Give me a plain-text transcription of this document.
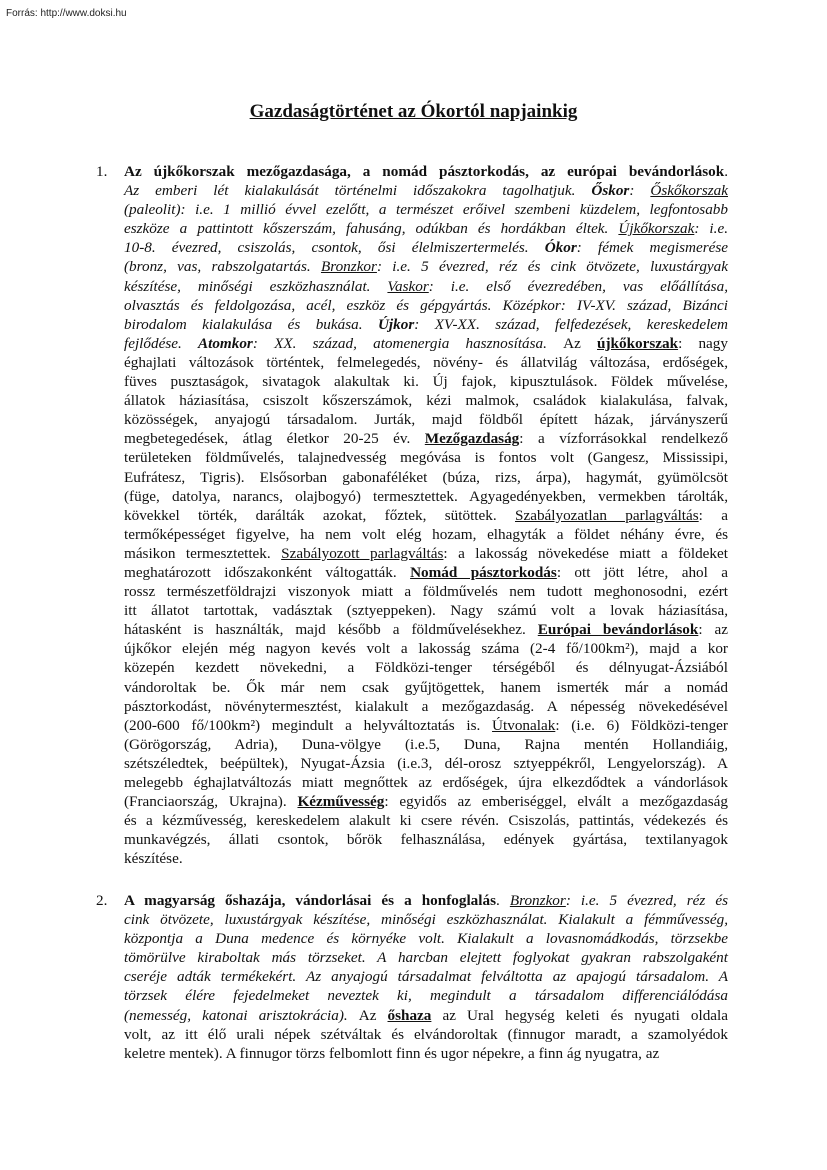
Forrás: http://www.doksi.hu
Gazdaságtörténet az Ókortól napjainkig
1. Az újkőkorszak mezőgazdasága, a nomád pásztorkodás, az európai bevándorlások.
Az emberi lét kialakulását történelmi időszakokra tagolhatjuk. Őskor: Őskőkorszak
(paleolit): i.e. 1 millió évvel ezelőtt, a természet erőivel szembeni küzdelem, legfontosabb
eszköze a pattintott kőszerszám, fahusáng, odúkban és hordákban éltek. Újkőkorszak: i.e.
10-8. évezred, csiszolás, csontok, ősi élelmiszertermelés. Ókor: fémek megismerése
(bronz, vas, rabszolgatartás. Bronzkor: i.e. 5 évezred, réz és cink ötvözete, luxustárgyak
készítése, minőségi eszközhasználat. Vaskor: i.e. első évezredében, vas előállítása,
olvasztás és feldolgozása, acél, eszköz és gépgyártás. Középkor: IV-XV. század, Bizánci
birodalom kialakulása és bukása. Újkor: XV-XX. század, felfedezések, kereskedelem
fejlődése. Atomkor: XX. század, atomenergia hasznosítása. Az újkőkorszak: nagy
éghajlati változások történtek, felmelegedés, növény- és állatvilág változása, erdőségek,
füves pusztaságok, sivatagok alakultak ki. Új fajok, kipusztulások. Földek művelése,
állatok háziasítása, csiszolt kőszerszámok, kézi malmok, családok kialakulása, falvak,
közösségek, anyajogú társadalom. Jurták, majd földből épített házak, járványszerű
megbetegedések, átlag életkor 20-25 év. Mezőgazdaság: a vízforrásokkal rendelkező
területeken földművelés, talajnedvesség megóvása is fontos volt (Gangesz, Mississipi,
Eufrátesz, Tigris). Elsősorban gabonaféléket (búza, rizs, árpa), hagymát, gyümölcsöt
(füge, datolya, narancs, olajbogyó) termesztettek. Agyagedényekben, vermekben tárolták,
kövekkel törték, darálták azokat, főztek, sütöttek. Szabályozatlan parlagváltás: a
termőképességet figyelve, ha nem volt elég hozam, elhagyták a földet néhány évre, és
másikon termesztettek. Szabályozott parlagváltás: a lakosság növekedése miatt a földeket
meghatározott időszakonként váltogatták. Nomád pásztorkodás: ott jött létre, ahol a
rossz természetföldrajzi viszonyok miatt a földművelés nem tudott meghonosodni, ezért
itt állatot tartottak, vadásztak (sztyeppeken). Nagy számú volt a lovak háziasítása,
hátasként is használták, majd később a földművelésekhez. Európai bevándorlások: az
újkőkor elején még nagyon kevés volt a lakosság száma (2-4 fő/100km²), majd a kor
közepén kezdett növekedni, a Földközi-tenger térségéből és délnyugat-Ázsiából
vándoroltak be. Ők már nem csak gyűjtögettek, hanem ismerték már a nomád
pásztorkodást, növénytermesztést, kialakult a mezőgazdaság. A népesség növekedésével
(200-600 fő/100km²) megindult a helyváltoztatás is. Útvonalak: (i.e. 6) Földközi-tenger
(Görögország, Adria), Duna-völgye (i.e.5, Duna, Rajna mentén Hollandiáig,
szétszéledtek, beépültek), Nyugat-Ázsia (i.e.3, dél-orosz sztyeppékről, Lengyelország). A
melegebb éghajlatváltozás miatt megnőttek az erdőségek, újra elkezdődtek a vándorlások
(Franciaország, Ukrajna). Kézművesség: egyidős az emberiséggel, elvált a mezőgazdaság
és a kézművesség, kereskedelem alakult ki csere révén. Csiszolás, pattintás, védekezés és
munkavégzés, állati csontok, bőrök felhasználása, edények gyártása, textilanyagok
készítése.
2. A magyarság őshazája, vándorlásai és a honfoglalás. Bronzkor: i.e. 5 évezred, réz és
cink ötvözete, luxustárgyak készítése, minőségi eszközhasználat. Kialakult a fémművesség,
központja a Duna medence és környéke volt. Kialakult a lovasnomádkodás, törzsekbe
tömörülve kiraboltak más törzseket. A harcban elejtett foglyokat gyakran rabszolgaként
cseréje adták termékekért. Az anyajogú társadalmat felváltotta az apajogú társadalom. A
törzsek élére fejedelmeket neveztek ki, megindult a társadalom differenciálódása
(nemesség, katonai arisztokrácia). Az őshaza az Ural hegység keleti és nyugati oldala
volt, az itt élő urali népek szétváltak és elvándoroltak (finnugor maradt, a szamolyédok
keletre mentek). A finnugor törzs felbomlott finn és ugor népekre, a finn ág nyugatra, az
